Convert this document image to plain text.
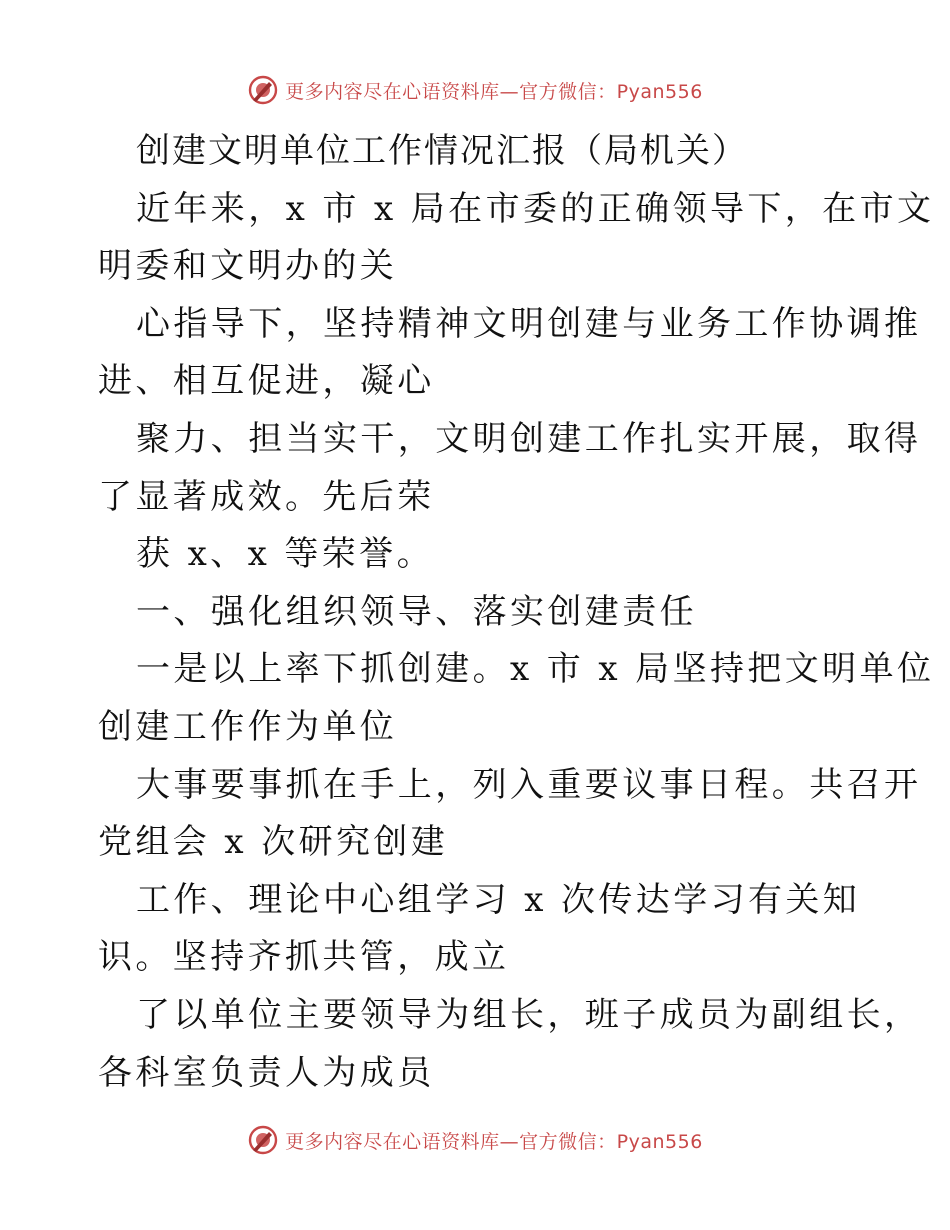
更多内容尽在心语资料库—官方微信：Pyan556
创建文明单位工作情况汇报（局机关）
近年来，x 市 x 局在市委的正确领导下，在市文
明委和文明办的关
心指导下，坚持精神文明创建与业务工作协调推
进、相互促进，凝心
聚力、担当实干，文明创建工作扎实开展，取得
了显著成效。先后荣
获 x、x 等荣誉。
一、强化组织领导、落实创建责任
一是以上率下抓创建。x 市 x 局坚持把文明单位
创建工作作为单位
大事要事抓在手上，列入重要议事日程。共召开
党组会 x 次研究创建
工作、理论中心组学习 x 次传达学习有关知
识。坚持齐抓共管，成立
了以单位主要领导为组长，班子成员为副组长，
各科室负责人为成员
更多内容尽在心语资料库—官方微信：Pyan556
